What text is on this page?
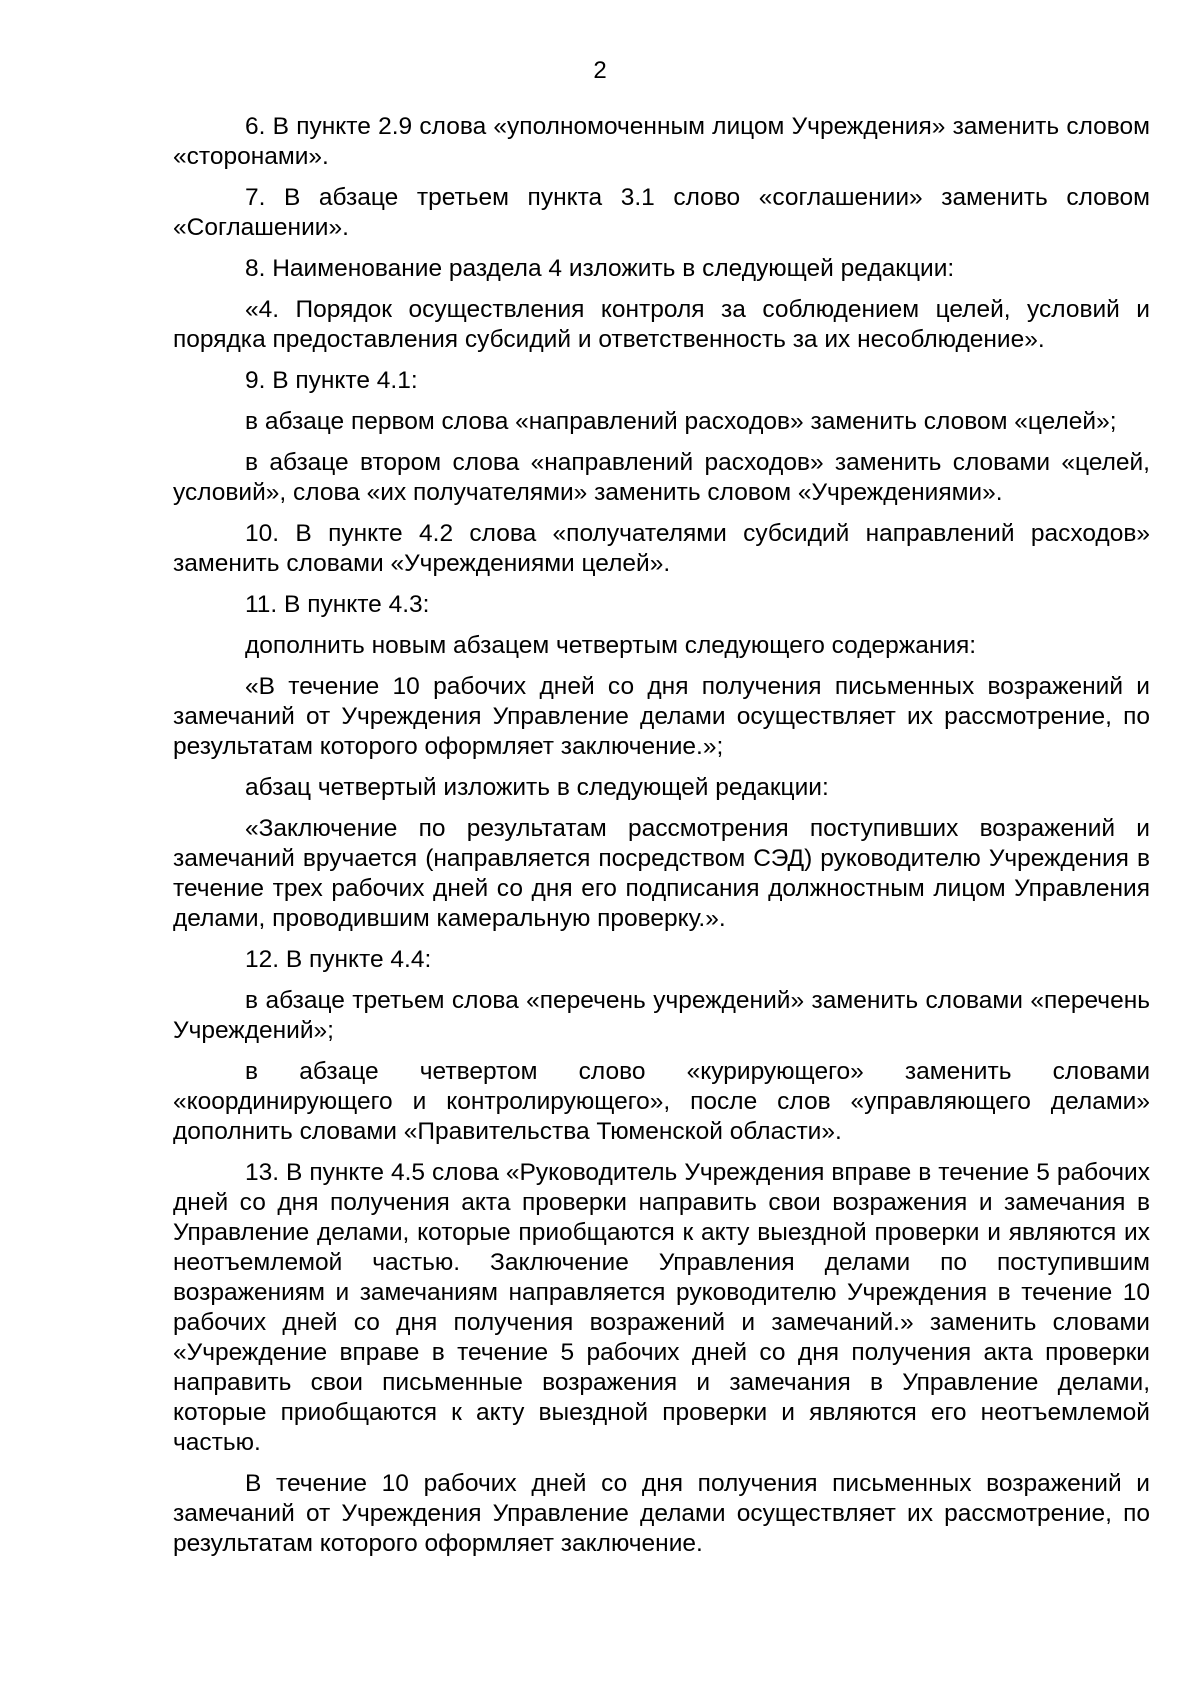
2

6. В пункте 2.9 слова «уполномоченным лицом Учреждения» заменить словом «сторонами».

7. В абзаце третьем пункта 3.1 слово «соглашении» заменить словом «Соглашении».

8. Наименование раздела 4 изложить в следующей редакции:

«4. Порядок осуществления контроля за соблюдением целей, условий и порядка предоставления субсидий и ответственность за их несоблюдение».

9. В пункте 4.1:

в абзаце первом слова «направлений расходов» заменить словом «целей»;

в абзаце втором слова «направлений расходов» заменить словами «целей, условий», слова «их получателями» заменить словом «Учреждениями».

10. В пункте 4.2 слова «получателями субсидий направлений расходов» заменить словами «Учреждениями целей».

11. В пункте 4.3:

дополнить новым абзацем четвертым следующего содержания:

«В течение 10 рабочих дней со дня получения письменных возражений и замечаний от Учреждения Управление делами осуществляет их рассмотрение, по результатам которого оформляет заключение.»;

абзац четвертый изложить в следующей редакции:

«Заключение по результатам рассмотрения поступивших возражений и замечаний вручается (направляется посредством СЭД) руководителю Учреждения в течение трех рабочих дней со дня его подписания должностным лицом Управления делами, проводившим камеральную проверку.».

12. В пункте 4.4:

в абзаце третьем слова «перечень учреждений» заменить словами «перечень Учреждений»;

в абзаце четвертом слово «курирующего» заменить словами «координирующего и контролирующего», после слов «управляющего делами» дополнить словами «Правительства Тюменской области».

13. В пункте 4.5 слова «Руководитель Учреждения вправе в течение 5 рабочих дней со дня получения акта проверки направить свои возражения и замечания в Управление делами, которые приобщаются к акту выездной проверки и являются их неотъемлемой частью. Заключение Управления делами по поступившим возражениям и замечаниям направляется руководителю Учреждения в течение 10 рабочих дней со дня получения возражений и замечаний.» заменить словами «Учреждение вправе в течение 5 рабочих дней со дня получения акта проверки направить свои письменные возражения и замечания в Управление делами, которые приобщаются к акту выездной проверки и являются его неотъемлемой частью.

В течение 10 рабочих дней со дня получения письменных возражений и замечаний от Учреждения Управление делами осуществляет их рассмотрение, по результатам которого оформляет заключение.
